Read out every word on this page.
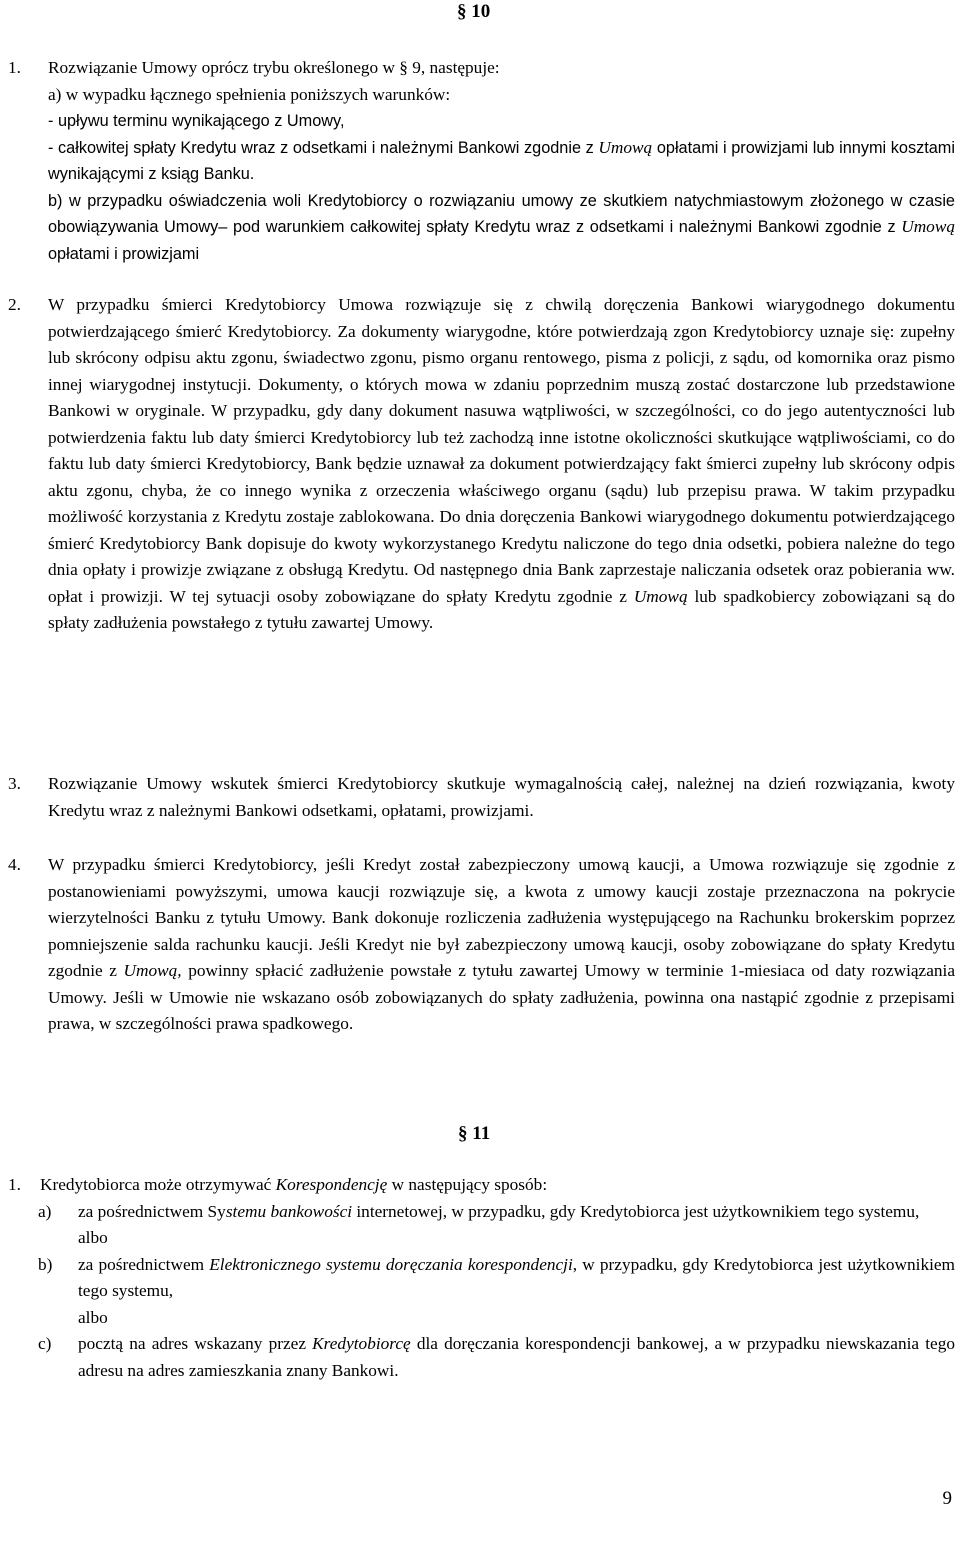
§ 10
1. Rozwiązanie Umowy oprócz trybu określonego w § 9, następuje:
a) w wypadku łącznego spełnienia poniższych warunków:
- upływu terminu wynikającego z Umowy,
- całkowitej spłaty Kredytu wraz z odsetkami i należnymi Bankowi zgodnie z Umową opłatami i prowizjami lub innymi kosztami wynikającymi z ksiąg Banku.
b) w przypadku oświadczenia woli Kredytobiorcy o rozwiązaniu umowy ze skutkiem natychmiastowym złożonego w czasie obowiązywania Umowy– pod warunkiem całkowitej spłaty Kredytu wraz z odsetkami i należnymi Bankowi zgodnie z Umową opłatami i prowizjami
2. W przypadku śmierci Kredytobiorcy Umowa rozwiązuje się z chwilą doręczenia Bankowi wiarygodnego dokumentu potwierdzającego śmierć Kredytobiorcy. Za dokumenty wiarygodne, które potwierdzają zgon Kredytobiorcy uznaje się: zupełny lub skrócony odpisu aktu zgonu, świadectwo zgonu, pismo organu rentowego, pisma z policji, z sądu, od komornika oraz pismo innej wiarygodnej instytucji. Dokumenty, o których mowa w zdaniu poprzednim muszą zostać dostarczone lub przedstawione Bankowi w oryginale. W przypadku, gdy dany dokument nasuwa wątpliwości, w szczególności, co do jego autentyczności lub potwierdzenia faktu lub daty śmierci Kredytobiorcy lub też zachodzą inne istotne okoliczności skutkujące wątpliwościami, co do faktu lub daty śmierci Kredytobiorcy, Bank będzie uznawał za dokument potwierdzający fakt śmierci zupełny lub skrócony odpis aktu zgonu, chyba, że co innego wynika z orzeczenia właściwego organu (sądu) lub przepisu prawa. W takim przypadku możliwość korzystania z Kredytu zostaje zablokowana. Do dnia doręczenia Bankowi wiarygodnego dokumentu potwierdzającego śmierć Kredytobiorcy Bank dopisuje do kwoty wykorzystanego Kredytu naliczone do tego dnia odsetki, pobiera należne do tego dnia opłaty i prowizje związane z obsługą Kredytu. Od następnego dnia Bank zaprzestaje naliczania odsetek oraz pobierania ww. opłat i prowizji. W tej sytuacji osoby zobowiązane do spłaty Kredytu zgodnie z Umową lub spadkobiercy zobowiązani są do spłaty zadłużenia powstałego z tytułu zawartej Umowy.
3. Rozwiązanie Umowy wskutek śmierci Kredytobiorcy skutkuje wymagalnością całej, należnej na dzień rozwiązania, kwoty Kredytu wraz z należnymi Bankowi odsetkami, opłatami, prowizjami.
4. W przypadku śmierci Kredytobiorcy, jeśli Kredyt został zabezpieczony umową kaucji, a Umowa rozwiązuje się zgodnie z postanowieniami powyższymi, umowa kaucji rozwiązuje się, a kwota z umowy kaucji zostaje przeznaczona na pokrycie wierzytelności Banku z tytułu Umowy. Bank dokonuje rozliczenia zadłużenia występującego na Rachunku brokerskim poprzez pomniejszenie salda rachunku kaucji. Jeśli Kredyt nie był zabezpieczony umową kaucji, osoby zobowiązane do spłaty Kredytu zgodnie z Umową, powinny spłacić zadłużenie powstałe z tytułu zawartej Umowy w terminie 1-miesiaca od daty rozwiązania Umowy. Jeśli w Umowie nie wskazano osób zobowiązanych do spłaty zadłużenia, powinna ona nastąpić zgodnie z przepisami prawa, w szczególności prawa spadkowego.
§ 11
1. Kredytobiorca może otrzymywać Korespondencję w następujący sposób:
a) za pośrednictwem Systemu bankowości internetowej, w przypadku, gdy Kredytobiorca jest użytkownikiem tego systemu,
albo
b) za pośrednictwem Elektronicznego systemu doręczania korespondencji, w przypadku, gdy Kredytobiorca jest użytkownikiem tego systemu,
albo
c) pocztą na adres wskazany przez Kredytobiorcę dla doręczania korespondencji bankowej, a w przypadku niewskazania tego adresu na adres zamieszkania znany Bankowi.
9
